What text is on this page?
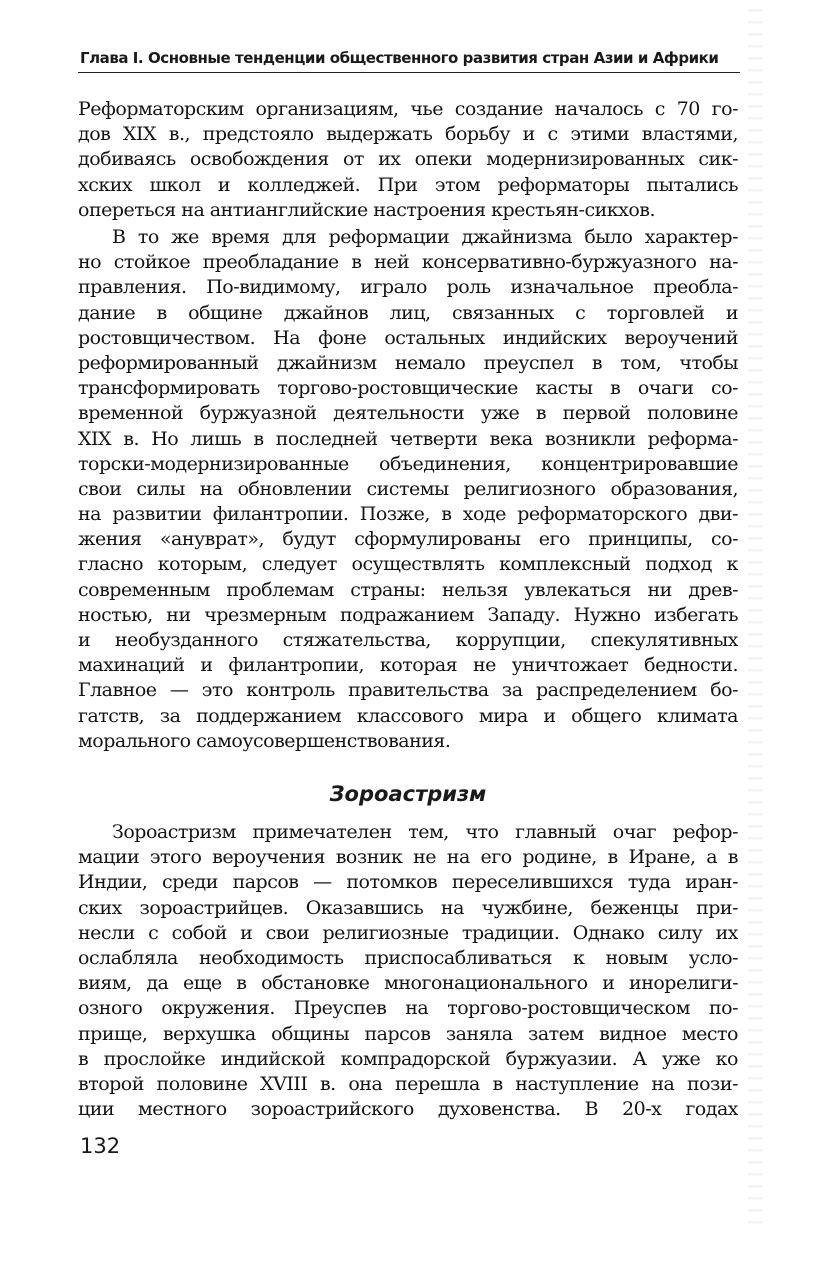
Глава I. Основные тенденции общественного развития стран Азии и Африки
Реформаторским организациям, чье создание началось с 70 го-
дов XIX в., предстояло выдержать борьбу и с этими властями,
добиваясь освобождения от их опеки модернизированных сик-
хских школ и колледжей. При этом реформаторы пытались
опереться на антианглийские настроения крестьян-сикхов.
В то же время для реформации джайнизма было характер-
но стойкое преобладание в ней консервативно-буржуазного на-
правления. По-видимому, играло роль изначальное преобла-
дание в общине джайнов лиц, связанных с торговлей и
ростовщичеством. На фоне остальных индийских вероучений
реформированный джайнизм немало преуспел в том, чтобы
трансформировать торгово-ростовщические касты в очаги со-
временной буржуазной деятельности уже в первой половине
XIX в. Но лишь в последней четверти века возникли реформа-
торски-модернизированные объединения, концентрировавшие
свои силы на обновлении системы религиозного образования,
на развитии филантропии. Позже, в ходе реформаторского дви-
жения «ануврат», будут сформулированы его принципы, со-
гласно которым, следует осуществлять комплексный подход к
современным проблемам страны: нельзя увлекаться ни древ-
ностью, ни чрезмерным подражанием Западу. Нужно избегать
и необузданного стяжательства, коррупции, спекулятивных
махинаций и филантропии, которая не уничтожает бедности.
Главное — это контроль правительства за распределением бо-
гатств, за поддержанием классового мира и общего климата
морального самоусовершенствования.
Зороастризм
Зороастризм примечателен тем, что главный очаг рефор-
мации этого вероучения возник не на его родине, в Иране, а в
Индии, среди парсов — потомков переселившихся туда иран-
ских зороастрийцев. Оказавшись на чужбине, беженцы при-
несли с собой и свои религиозные традиции. Однако силу их
ослабляла необходимость приспосабливаться к новым усло-
виям, да еще в обстановке многонационального и инорелиги-
озного окружения. Преуспев на торгово-ростовщическом по-
прище, верхушка общины парсов заняла затем видное место
в прослойке индийской компрадорской буржуазии. А уже ко
второй половине XVIII в. она перешла в наступление на пози-
ции местного зороастрийского духовенства. В 20-х годах
132
